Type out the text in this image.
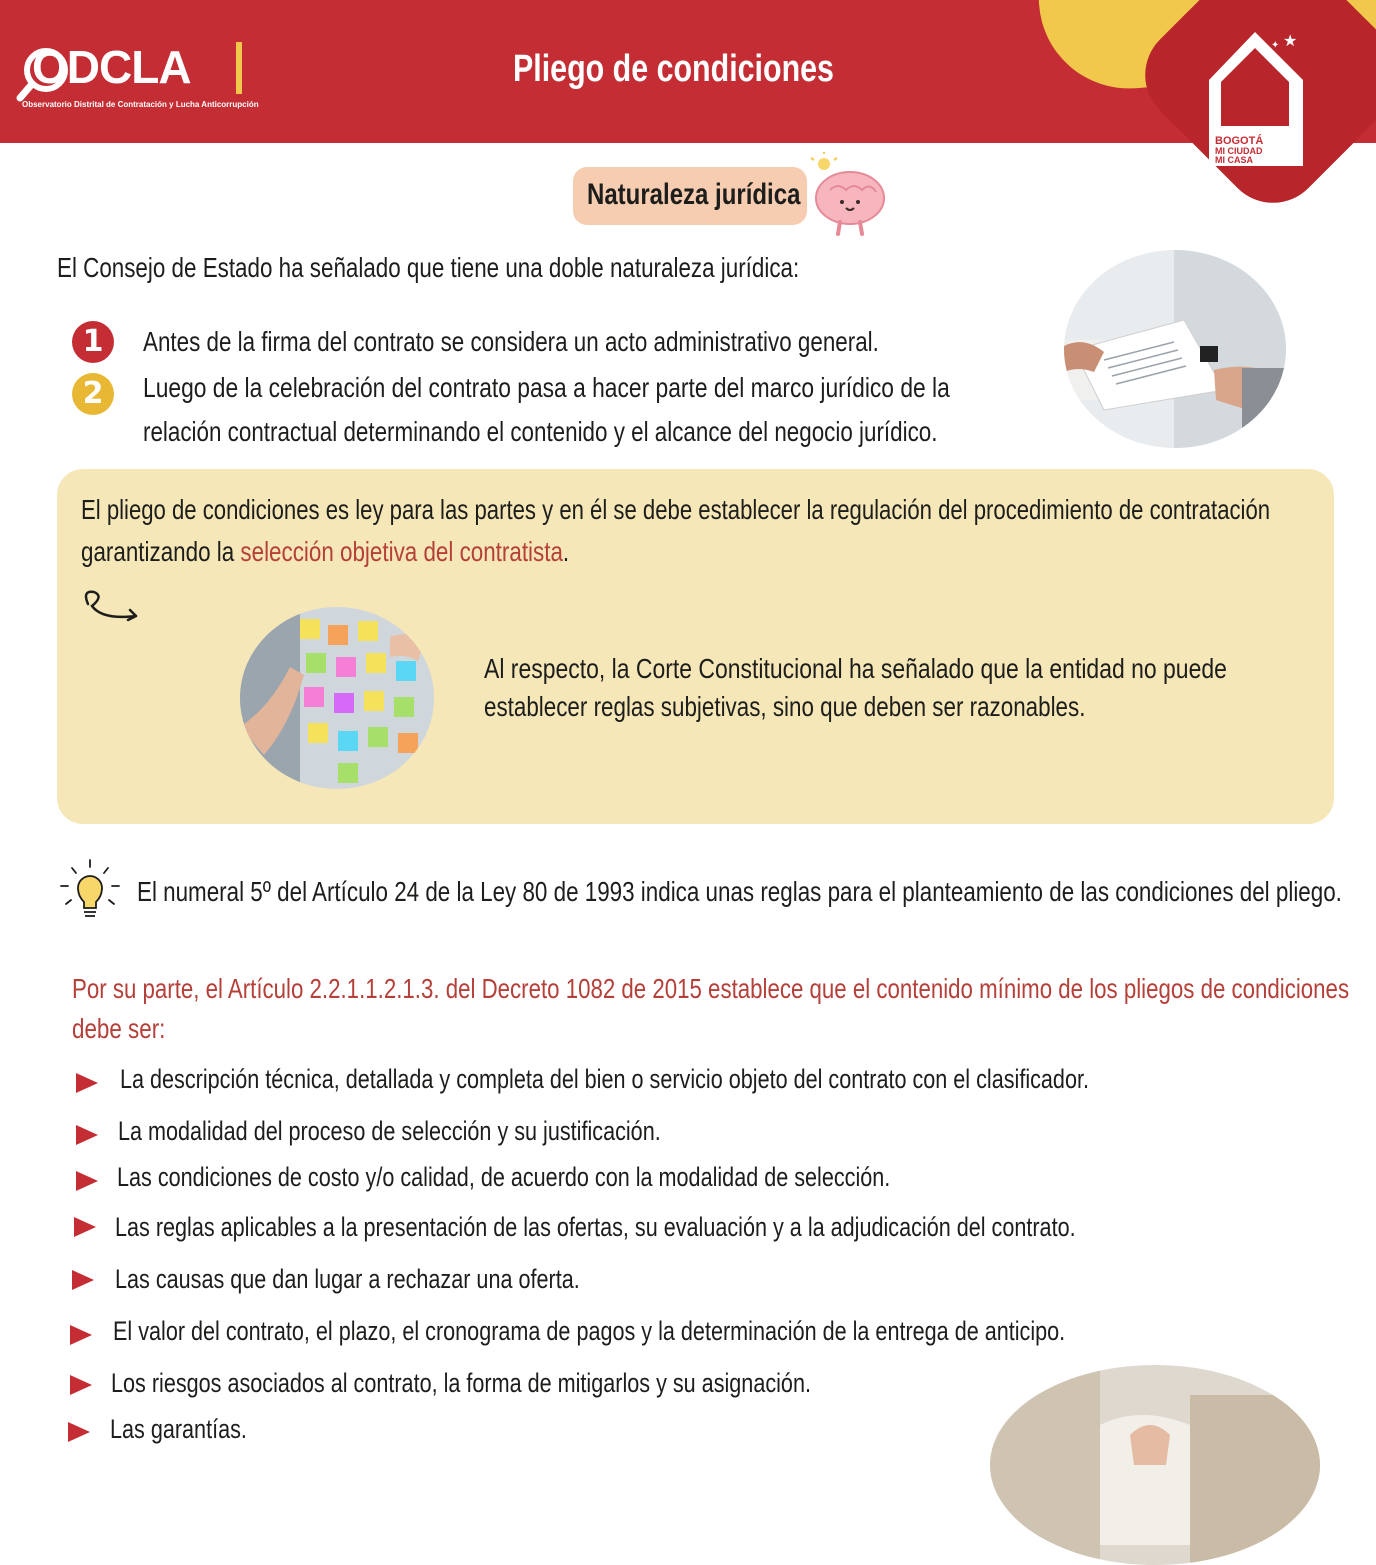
ODCLA
Observatorio Distrital de Contratación y Lucha Anticorrupción
Pliego de condiciones
★
✦
BOGOTÁ
MI CIUDAD
MI CASA
Naturaleza jurídica
El Consejo de Estado ha señalado que tiene una doble naturaleza jurídica:
1	Antes de la firma del contrato se considera un acto administrativo general.
2	Luego de la celebración del contrato pasa a hacer parte del marco jurídico de la
relación contractual determinando el contenido y el alcance del negocio jurídico.
El pliego de condiciones es ley para las partes y en él se debe establecer la regulación del procedimiento de contratación
garantizando la selección objetiva del contratista.
Al respecto, la Corte Constitucional ha señalado que la entidad no puede
establecer reglas subjetivas, sino que deben ser razonables.
El numeral 5º del Artículo 24 de la Ley 80 de 1993 indica unas reglas para el planteamiento de las condiciones del pliego.
Por su parte, el Artículo 2.2.1.1.2.1.3. del Decreto 1082 de 2015 establece que el contenido mínimo de los pliegos de condiciones
debe ser:
La descripción técnica, detallada y completa del bien o servicio objeto del contrato con el clasificador.
La modalidad del proceso de selección y su justificación.
Las condiciones de costo y/o calidad, de acuerdo con la modalidad de selección.
Las reglas aplicables a la presentación de las ofertas, su evaluación y a la adjudicación del contrato.
Las causas que dan lugar a rechazar una oferta.
El valor del contrato, el plazo, el cronograma de pagos y la determinación de la entrega de anticipo.
Los riesgos asociados al contrato, la forma de mitigarlos y su asignación.
Las garantías.
